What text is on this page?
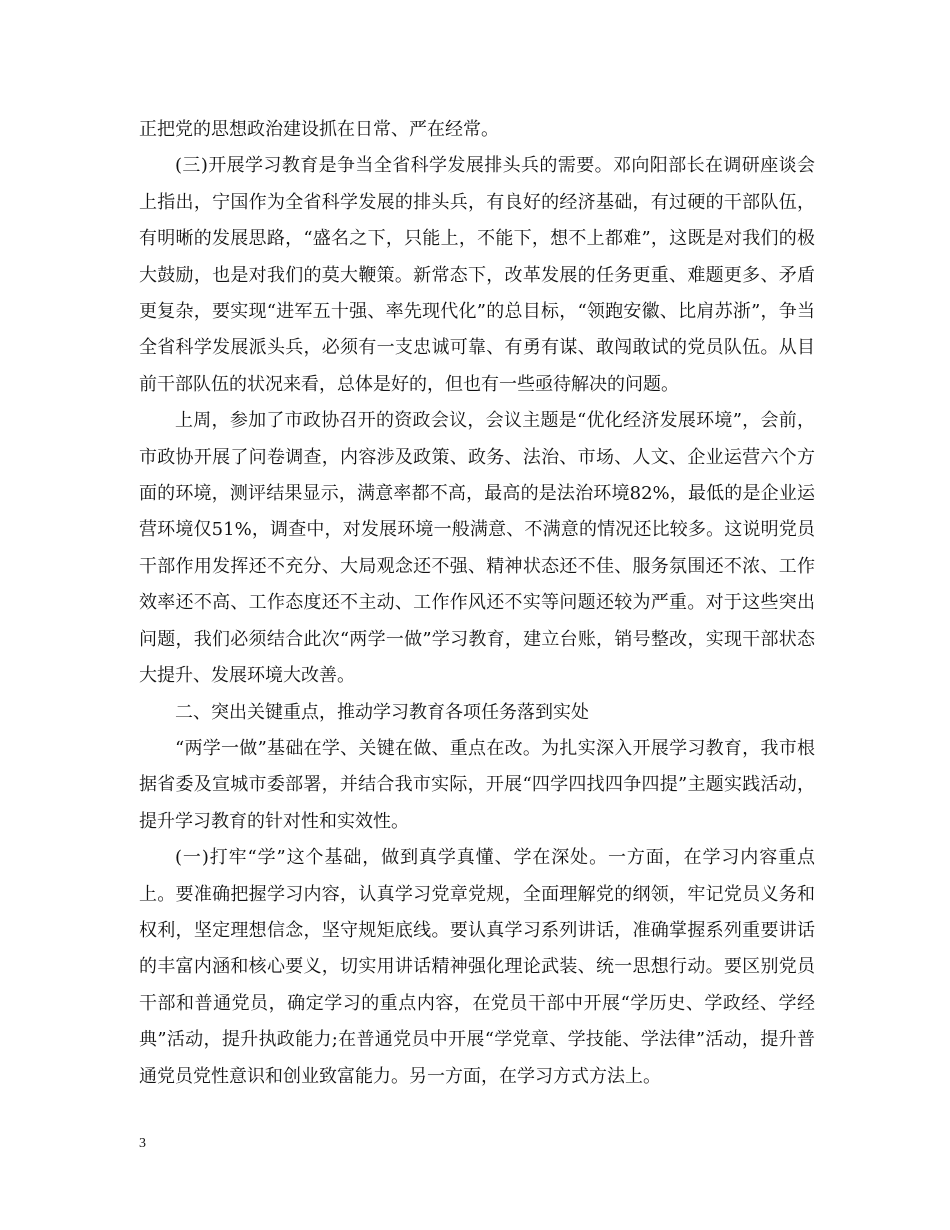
正把党的思想政治建设抓在日常、严在经常。

(三)开展学习教育是争当全省科学发展排头兵的需要。邓向阳部长在调研座谈会上指出，宁国作为全省科学发展的排头兵，有良好的经济基础，有过硬的干部队伍，有明晰的发展思路，“盛名之下，只能上，不能下，想不上都难”，这既是对我们的极大鼓励，也是对我们的莫大鞭策。新常态下，改革发展的任务更重、难题更多、矛盾更复杂，要实现“进军五十强、率先现代化”的总目标，“领跑安徽、比肩苏浙”，争当全省科学发展派头兵，必须有一支忠诚可靠、有勇有谋、敢闯敢试的党员队伍。从目前干部队伍的状况来看，总体是好的，但也有一些亟待解决的问题。

上周，参加了市政协召开的资政会议，会议主题是“优化经济发展环境”，会前，市政协开展了问卷调查，内容涉及政策、政务、法治、市场、人文、企业运营六个方面的环境，测评结果显示，满意率都不高，最高的是法治环境82%，最低的是企业运营环境仅51%，调查中，对发展环境一般满意、不满意的情况还比较多。这说明党员干部作用发挥还不充分、大局观念还不强、精神状态还不佳、服务氛围还不浓、工作效率还不高、工作态度还不主动、工作作风还不实等问题还较为严重。对于这些突出问题，我们必须结合此次“两学一做”学习教育，建立台账，销号整改，实现干部状态大提升、发展环境大改善。

二、突出关键重点，推动学习教育各项任务落到实处

“两学一做”基础在学、关键在做、重点在改。为扎实深入开展学习教育，我市根据省委及宣城市委部署，并结合我市实际，开展“四学四找四争四提”主题实践活动，提升学习教育的针对性和实效性。

(一)打牢“学”这个基础，做到真学真懂、学在深处。一方面，在学习内容重点上。要准确把握学习内容，认真学习党章党规，全面理解党的纲领，牢记党员义务和权利，坚定理想信念，坚守规矩底线。要认真学习系列讲话，准确掌握系列重要讲话的丰富内涵和核心要义，切实用讲话精神强化理论武装、统一思想行动。要区别党员干部和普通党员，确定学习的重点内容，在党员干部中开展“学历史、学政经、学经典”活动，提升执政能力;在普通党员中开展“学党章、学技能、学法律”活动，提升普通党员党性意识和创业致富能力。另一方面，在学习方式方法上。

3
